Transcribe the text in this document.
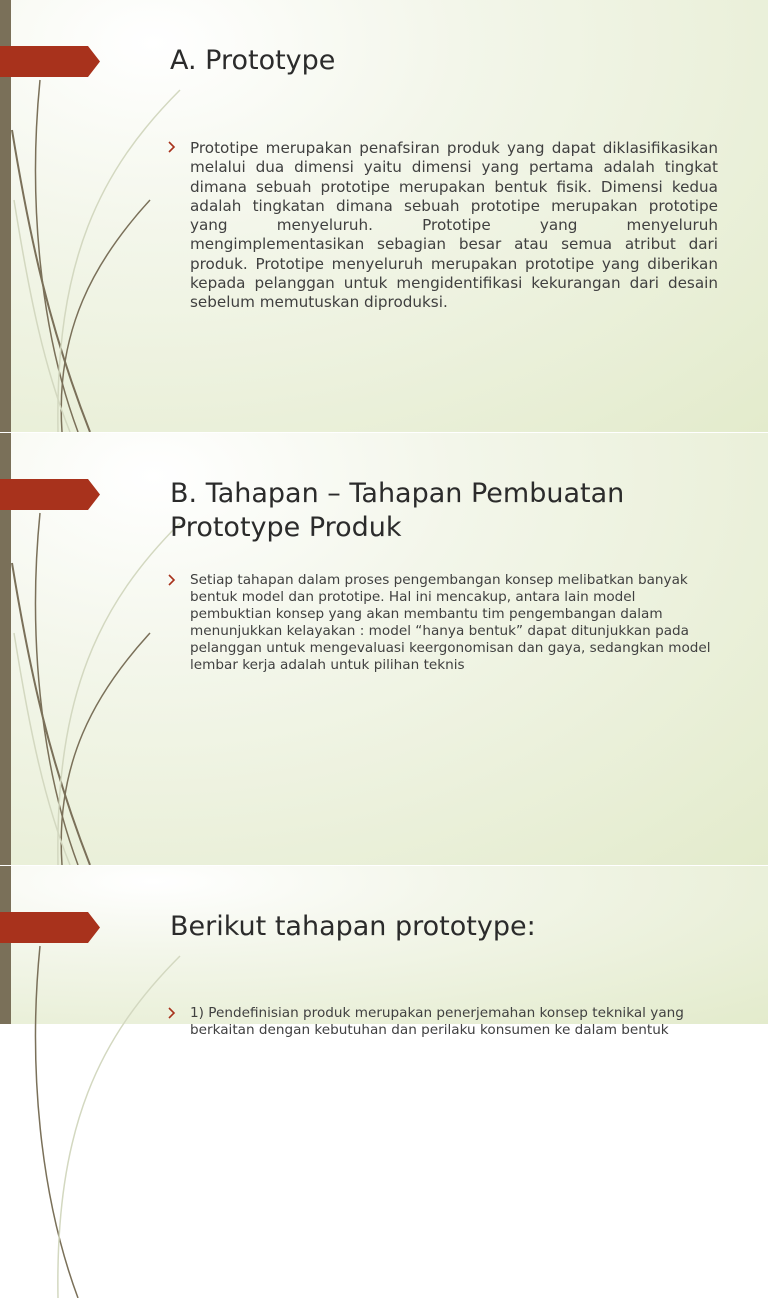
A. Prototype

Prototipe merupakan penafsiran produk yang dapat diklasifikasikan melalui dua dimensi yaitu dimensi yang pertama adalah tingkat dimana sebuah prototipe merupakan bentuk fisik. Dimensi kedua adalah tingkatan dimana sebuah prototipe merupakan prototipe yang menyeluruh. Prototipe yang menyeluruh mengimplementasikan sebagian besar atau semua atribut dari produk. Prototipe menyeluruh merupakan prototipe yang diberikan kepada pelanggan untuk mengidentifikasi kekurangan dari desain sebelum memutuskan diproduksi.

B. Tahapan – Tahapan Pembuatan
Prototype Produk

Setiap tahapan dalam proses pengembangan konsep melibatkan banyak bentuk model dan prototipe. Hal ini mencakup, antara lain model pembuktian konsep yang akan membantu tim pengembangan dalam menunjukkan kelayakan : model “hanya bentuk” dapat ditunjukkan pada pelanggan untuk mengevaluasi keergonomisan dan gaya, sedangkan model lembar kerja adalah untuk pilihan teknis

Berikut tahapan prototype:

1) Pendefinisian produk merupakan penerjemahan konsep teknikal yang berkaitan dengan kebutuhan dan perilaku konsumen ke dalam bentuk
